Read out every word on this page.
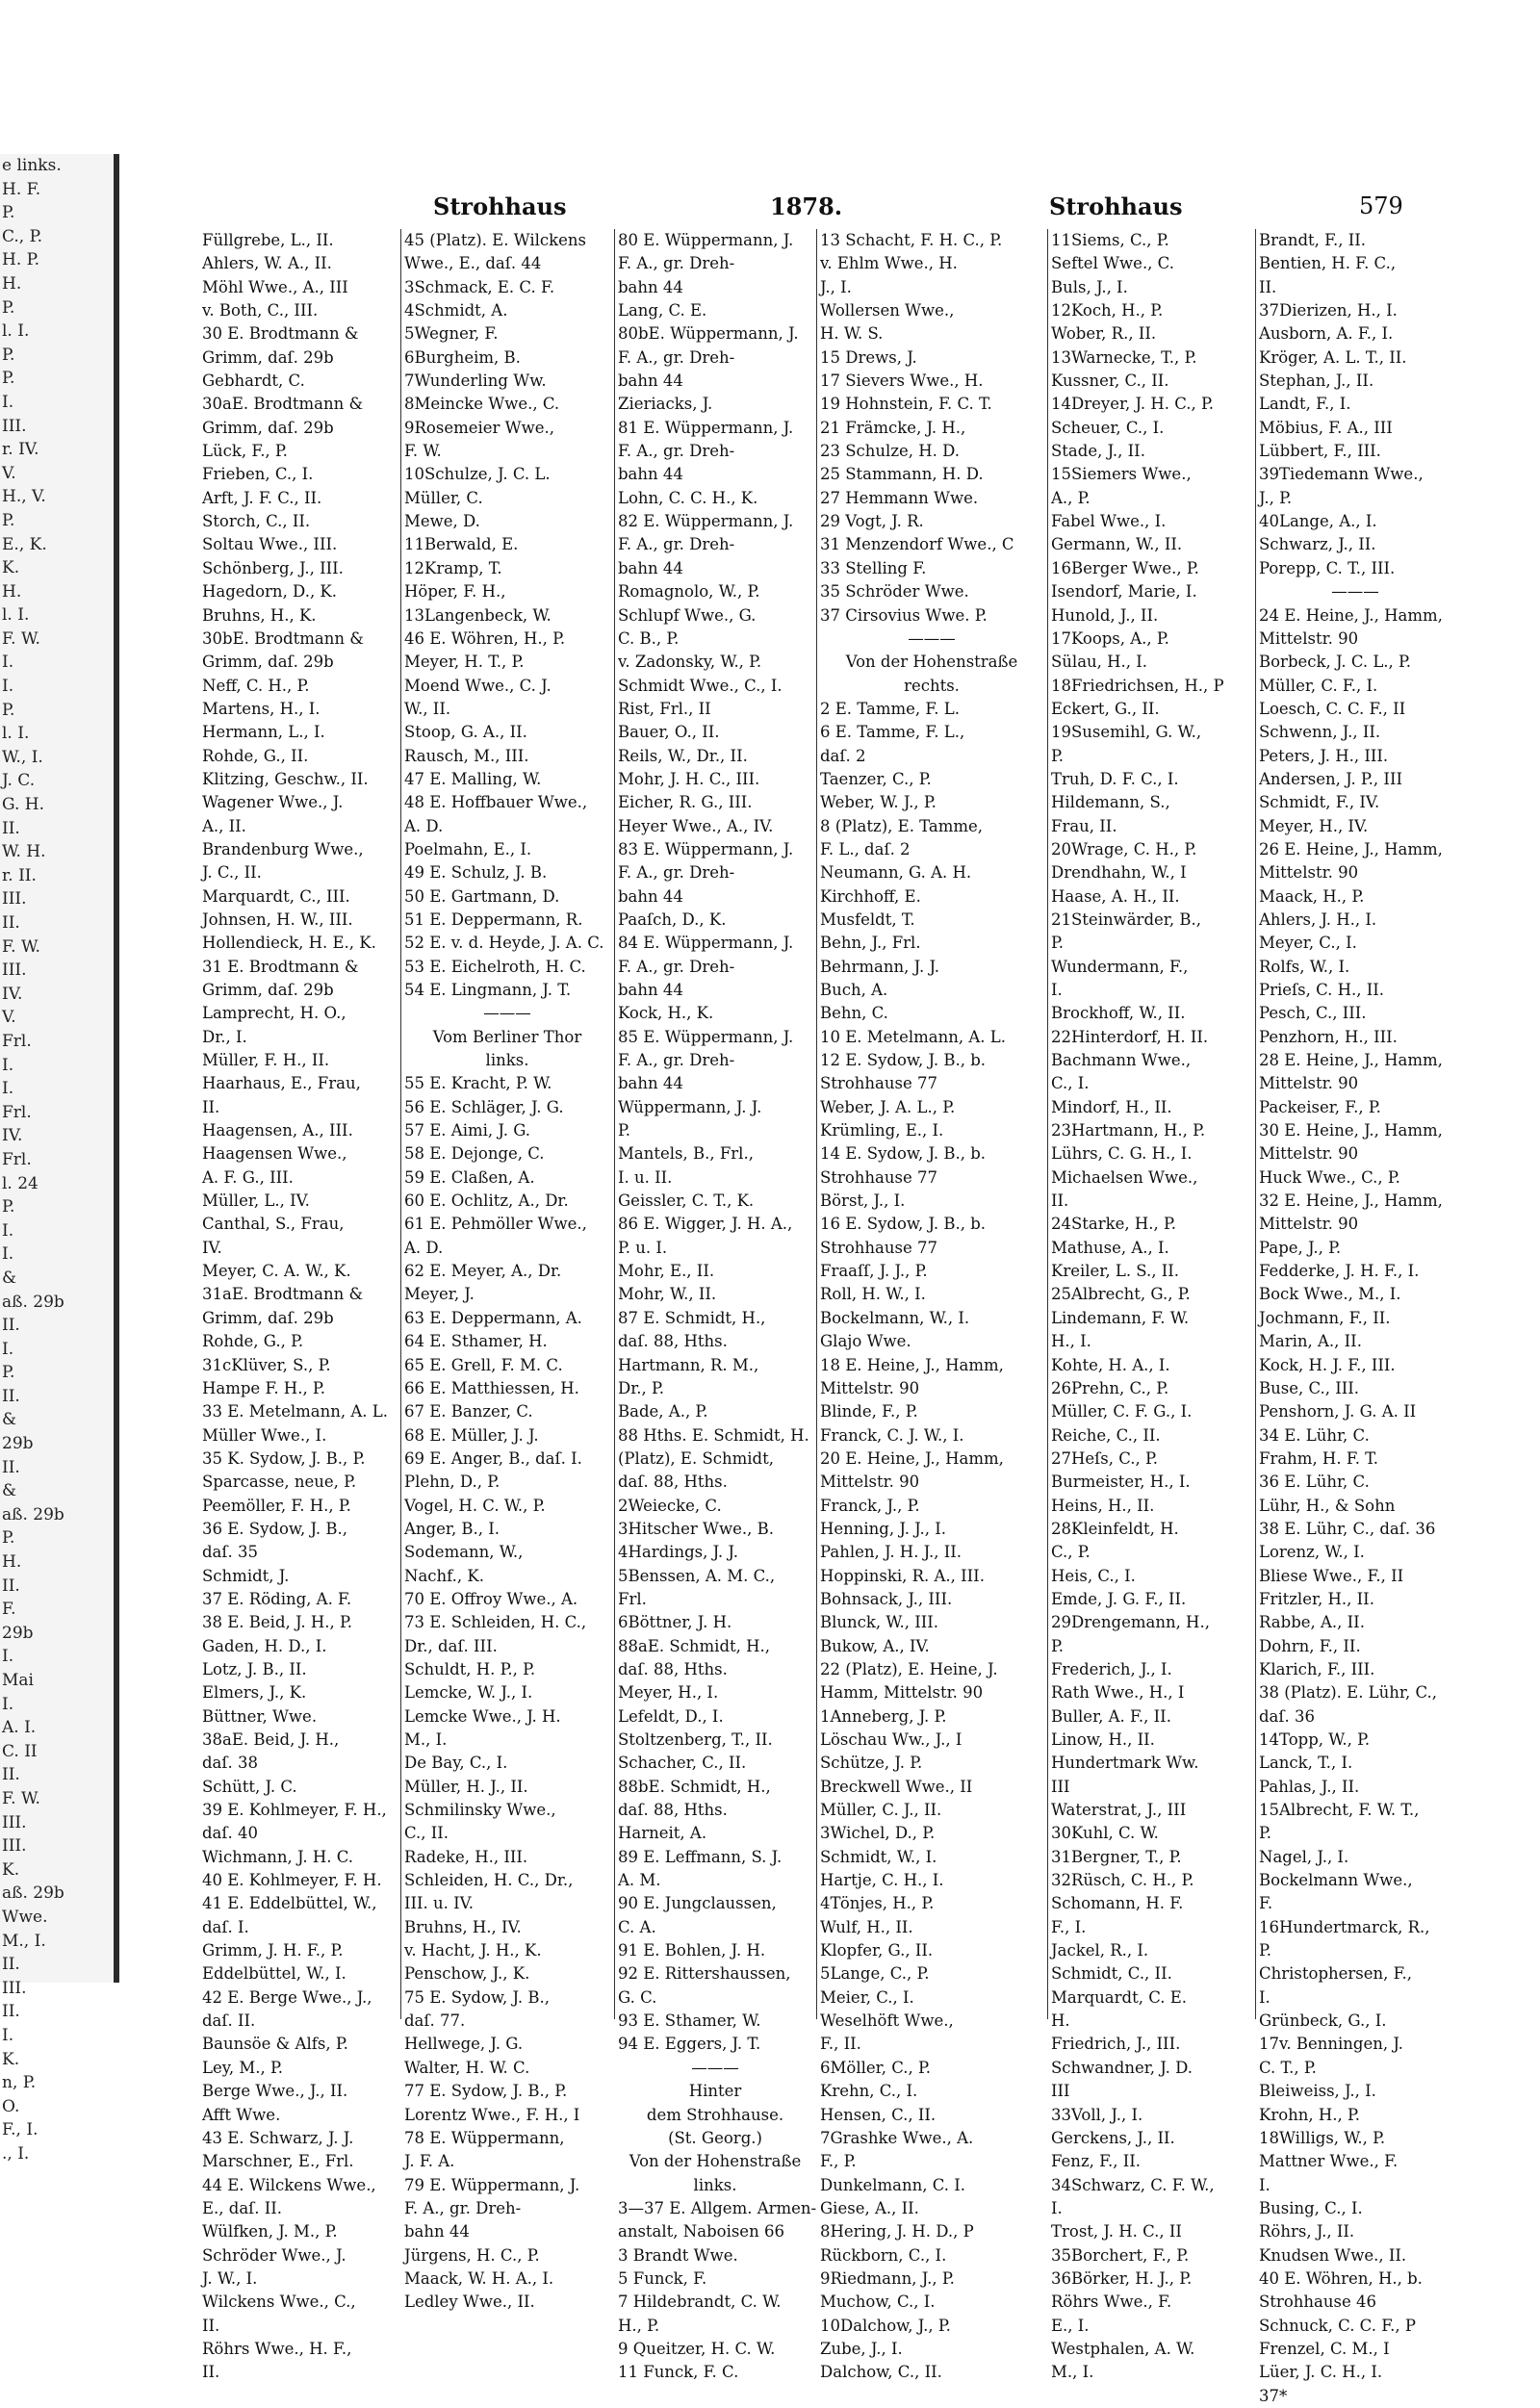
e links.
H. F.
P.
C., P.
H. P.
H.
P.
l. I.
P.
P.
I.
III.
r. IV.
V.
H., V.
P.
E., K.
K.
H.
l. I.
F. W.
I.
I.
P.
l. I.
W., I.
J. C.
G. H.
II.
W. H.
r. II.
III.
II.
F. W.
III.
IV.
V.
Frl.
I.
I.
Frl.
IV.
Frl.
l. 24
P.
I.
I.
&
aß. 29b
II.
I.
P.
II.
&
29b
II.
&
aß. 29b
P.
H.
II.
F.
29b
I.
Mai
I.
A. I.
C. II
II.
F. W.
III.
III.
K.
aß. 29b
Wwe.
M., I.
II.
III.
II.
I.
K.
n, P.
O.
F., I.
., I.
Strohhaus	1878.	Strohhaus	579
Füllgrebe, L., II.
Ahlers, W. A., II.
Möhl Wwe., A., III
v. Both, C., III.
30 E. Brodtmann &
Grimm, daſ. 29b
Gebhardt, C.
30aE. Brodtmann &
Grimm, daſ. 29b
Lück, F., P.
Frieben, C., I.
Arft, J. F. C., II.
Storch, C., II.
Soltau Wwe., III.
Schönberg, J., III.
Hagedorn, D., K.
Bruhns, H., K.
30bE. Brodtmann &
Grimm, daſ. 29b
Neff, C. H., P.
Martens, H., I.
Hermann, L., I.
Rohde, G., II.
Klitzing, Geschw., II.
Wagener Wwe., J.
A., II.
Brandenburg Wwe.,
J. C., II.
Marquardt, C., III.
Johnsen, H. W., III.
Hollendieck, H. E., K.
31 E. Brodtmann &
Grimm, daſ. 29b
Lamprecht, H. O.,
Dr., I.
Müller, F. H., II.
Haarhaus, E., Frau,
II.
Haagensen, A., III.
Haagensen Wwe.,
A. F. G., III.
Müller, L., IV.
Canthal, S., Frau,
IV.
Meyer, C. A. W., K.
31aE. Brodtmann &
Grimm, daſ. 29b
Rohde, G., P.
31cKlüver, S., P.
Hampe F. H., P.
33 E. Metelmann, A. L.
Müller Wwe., I.
35 K. Sydow, J. B., P.
Sparcasse, neue, P.
Peemöller, F. H., P.
36 E. Sydow, J. B.,
daſ. 35
Schmidt, J.
37 E. Röding, A. F.
38 E. Beid, J. H., P.
Gaden, H. D., I.
Lotz, J. B., II.
Elmers, J., K.
Büttner, Wwe.
38aE. Beid, J. H.,
daſ. 38
Schütt, J. C.
39 E. Kohlmeyer, F. H.,
daſ. 40
Wichmann, J. H. C.
40 E. Kohlmeyer, F. H.
41 E. Eddelbüttel, W.,
daſ. I.
Grimm, J. H. F., P.
Eddelbüttel, W., I.
42 E. Berge Wwe., J.,
daſ. II.
Baunsöe & Alfs, P.
Ley, M., P.
Berge Wwe., J., II.
Afft Wwe.
43 E. Schwarz, J. J.
Marschner, E., Frl.
44 E. Wilckens Wwe.,
E., daſ. II.
Wülfken, J. M., P.
Schröder Wwe., J.
J. W., I.
Wilckens Wwe., C.,
II.
Röhrs Wwe., H. F.,
II.
45 (Platz). E. Wilckens
Wwe., E., daſ. 44
3Schmack, E. C. F.
4Schmidt, A.
5Wegner, F.
6Burgheim, B.
7Wunderling Ww.
8Meincke Wwe., C.
9Rosemeier Wwe.,
F. W.
10Schulze, J. C. L.
Müller, C.
Mewe, D.
11Berwald, E.
12Kramp, T.
Höper, F. H.,
13Langenbeck, W.
46 E. Wöhren, H., P.
Meyer, H. T., P.
Moend Wwe., C. J.
W., II.
Stoop, G. A., II.
Rausch, M., III.
47 E. Malling, W.
48 E. Hoffbauer Wwe.,
A. D.
Poelmahn, E., I.
49 E. Schulz, J. B.
50 E. Gartmann, D.
51 E. Deppermann, R.
52 E. v. d. Heyde, J. A. C.
53 E. Eichelroth, H. C.
54 E. Lingmann, J. T.
———
Vom Berliner Thor
links.
55 E. Kracht, P. W.
56 E. Schläger, J. G.
57 E. Aimi, J. G.
58 E. Dejonge, C.
59 E. Claßen, A.
60 E. Ochlitz, A., Dr.
61 E. Pehmöller Wwe.,
A. D.
62 E. Meyer, A., Dr.
Meyer, J.
63 E. Deppermann, A.
64 E. Sthamer, H.
65 E. Grell, F. M. C.
66 E. Matthiessen, H.
67 E. Banzer, C.
68 E. Müller, J. J.
69 E. Anger, B., daſ. I.
Plehn, D., P.
Vogel, H. C. W., P.
Anger, B., I.
Sodemann, W.,
Nachf., K.
70 E. Offroy Wwe., A.
73 E. Schleiden, H. C.,
Dr., daſ. III.
Schuldt, H. P., P.
Lemcke, W. J., I.
Lemcke Wwe., J. H.
M., I.
De Bay, C., I.
Müller, H. J., II.
Schmilinsky Wwe.,
C., II.
Radeke, H., III.
Schleiden, H. C., Dr.,
III. u. IV.
Bruhns, H., IV.
v. Hacht, J. H., K.
Penschow, J., K.
75 E. Sydow, J. B.,
daſ. 77.
Hellwege, J. G.
Walter, H. W. C.
77 E. Sydow, J. B., P.
Lorentz Wwe., F. H., I
78 E. Wüppermann,
J. F. A.
79 E. Wüppermann, J.
F. A., gr. Dreh-
bahn 44
Jürgens, H. C., P.
Maack, W. H. A., I.
Ledley Wwe., II.
80 E. Wüppermann, J.
F. A., gr. Dreh-
bahn 44
Lang, C. E.
80bE. Wüppermann, J.
F. A., gr. Dreh-
bahn 44
Zieriacks, J.
81 E. Wüppermann, J.
F. A., gr. Dreh-
bahn 44
Lohn, C. C. H., K.
82 E. Wüppermann, J.
F. A., gr. Dreh-
bahn 44
Romagnolo, W., P.
Schlupf Wwe., G.
C. B., P.
v. Zadonsky, W., P.
Schmidt Wwe., C., I.
Rist, Frl., II
Bauer, O., II.
Reils, W., Dr., II.
Mohr, J. H. C., III.
Eicher, R. G., III.
Heyer Wwe., A., IV.
83 E. Wüppermann, J.
F. A., gr. Dreh-
bahn 44
Paaſch, D., K.
84 E. Wüppermann, J.
F. A., gr. Dreh-
bahn 44
Kock, H., K.
85 E. Wüppermann, J.
F. A., gr. Dreh-
bahn 44
Wüppermann, J. J.
P.
Mantels, B., Frl.,
I. u. II.
Geissler, C. T., K.
86 E. Wigger, J. H. A.,
P. u. I.
Mohr, E., II.
Mohr, W., II.
87 E. Schmidt, H.,
daſ. 88, Hths.
Hartmann, R. M.,
Dr., P.
Bade, A., P.
88 Hths. E. Schmidt, H.
(Platz), E. Schmidt,
daſ. 88, Hths.
2Weiecke, C.
3Hitscher Wwe., B.
4Hardings, J. J.
5Benssen, A. M. C.,
Frl.
6Böttner, J. H.
88aE. Schmidt, H.,
daſ. 88, Hths.
Meyer, H., I.
Lefeldt, D., I.
Stoltzenberg, T., II.
Schacher, C., II.
88bE. Schmidt, H.,
daſ. 88, Hths.
Harneit, A.
89 E. Leffmann, S. J.
A. M.
90 E. Jungclaussen,
C. A.
91 E. Bohlen, J. H.
92 E. Rittershaussen,
G. C.
93 E. Sthamer, W.
94 E. Eggers, J. T.
———
Hinter
dem Strohhause.
(St. Georg.)
Von der Hohenstraße
links.
3—37 E. Allgem. Armen-
anstalt, Naboisen 66
3 Brandt Wwe.
5 Funck, F.
7 Hildebrandt, C. W.
H., P.
9 Queitzer, H. C. W.
11 Funck, F. C.
13 Schacht, F. H. C., P.
v. Ehlm Wwe., H.
J., I.
Wollersen Wwe.,
H. W. S.
15 Drews, J.
17 Sievers Wwe., H.
19 Hohnstein, F. C. T.
21 Främcke, J. H.,
23 Schulze, H. D.
25 Stammann, H. D.
27 Hemmann Wwe.
29 Vogt, J. R.
31 Menzendorf Wwe., C
33 Stelling F.
35 Schröder Wwe.
37 Cirsovius Wwe. P.
———
Von der Hohenstraße
rechts.
2 E. Tamme, F. L.
6 E. Tamme, F. L.,
daſ. 2
Taenzer, C., P.
Weber, W. J., P.
8 (Platz), E. Tamme,
F. L., daſ. 2
Neumann, G. A. H.
Kirchhoff, E.
Musfeldt, T.
Behn, J., Frl.
Behrmann, J. J.
Buch, A.
Behn, C.
10 E. Metelmann, A. L.
12 E. Sydow, J. B., b.
Strohhause 77
Weber, J. A. L., P.
Krümling, E., I.
14 E. Sydow, J. B., b.
Strohhause 77
Börst, J., I.
16 E. Sydow, J. B., b.
Strohhause 77
Fraaſſ, J. J., P.
Roll, H. W., I.
Bockelmann, W., I.
Glajo Wwe.
18 E. Heine, J., Hamm,
Mittelstr. 90
Blinde, F., P.
Franck, C. J. W., I.
20 E. Heine, J., Hamm,
Mittelstr. 90
Franck, J., P.
Henning, J. J., I.
Pahlen, J. H. J., II.
Hoppinski, R. A., III.
Bohnsack, J., III.
Blunck, W., III.
Bukow, A., IV.
22 (Platz), E. Heine, J.
Hamm, Mittelstr. 90
1Anneberg, J. P.
Löschau Ww., J., I
Schütze, J. P.
Breckwell Wwe., II
Müller, C. J., II.
3Wichel, D., P.
Schmidt, W., I.
Hartje, C. H., I.
4Tönjes, H., P.
Wulf, H., II.
Klopfer, G., II.
5Lange, C., P.
Meier, C., I.
Weselhöft Wwe.,
F., II.
6Möller, C., P.
Krehn, C., I.
Hensen, C., II.
7Grashke Wwe., A.
F., P.
Dunkelmann, C. I.
Giese, A., II.
8Hering, J. H. D., P
Rückborn, C., I.
9Riedmann, J., P.
Muchow, C., I.
10Dalchow, J., P.
Zube, J., I.
Dalchow, C., II.
11Siems, C., P.
Seftel Wwe., C.
Buls, J., I.
12Koch, H., P.
Wober, R., II.
13Warnecke, T., P.
Kussner, C., II.
14Dreyer, J. H. C., P.
Scheuer, C., I.
Stade, J., II.
15Siemers Wwe.,
A., P.
Fabel Wwe., I.
Germann, W., II.
16Berger Wwe., P.
Isendorf, Marie, I.
Hunold, J., II.
17Koops, A., P.
Sülau, H., I.
18Friedrichsen, H., P
Eckert, G., II.
19Susemihl, G. W.,
P.
Truh, D. F. C., I.
Hildemann, S.,
Frau, II.
20Wrage, C. H., P.
Drendhahn, W., I
Haase, A. H., II.
21Steinwärder, B.,
P.
Wundermann, F.,
I.
Brockhoff, W., II.
22Hinterdorf, H. II.
Bachmann Wwe.,
C., I.
Mindorf, H., II.
23Hartmann, H., P.
Lührs, C. G. H., I.
Michaelsen Wwe.,
II.
24Starke, H., P.
Mathuse, A., I.
Kreiler, L. S., II.
25Albrecht, G., P.
Lindemann, F. W.
H., I.
Kohte, H. A., I.
26Prehn, C., P.
Müller, C. F. G., I.
Reiche, C., II.
27Heſs, C., P.
Burmeister, H., I.
Heins, H., II.
28Kleinfeldt, H.
C., P.
Heis, C., I.
Emde, J. G. F., II.
29Drengemann, H.,
P.
Frederich, J., I.
Rath Wwe., H., I
Buller, A. F., II.
Linow, H., II.
Hundertmark Ww.
III
Waterstrat, J., III
30Kuhl, C. W.
31Bergner, T., P.
32Rüsch, C. H., P.
Schomann, H. F.
F., I.
Jackel, R., I.
Schmidt, C., II.
Marquardt, C. E.
H.
Friedrich, J., III.
Schwandner, J. D.
III
33Voll, J., I.
Gerckens, J., II.
Fenz, F., II.
34Schwarz, C. F. W.,
I.
Trost, J. H. C., II
35Borchert, F., P.
36Börker, H. J., P.
Röhrs Wwe., F.
E., I.
Westphalen, A. W.
M., I.
Brandt, F., II.
Bentien, H. F. C.,
II.
37Dierizen, H., I.
Ausborn, A. F., I.
Kröger, A. L. T., II.
Stephan, J., II.
Landt, F., I.
Möbius, F. A., III
Lübbert, F., III.
39Tiedemann Wwe.,
J., P.
40Lange, A., I.
Schwarz, J., II.
Porepp, C. T., III.
———
24 E. Heine, J., Hamm,
Mittelstr. 90
Borbeck, J. C. L., P.
Müller, C. F., I.
Loesch, C. C. F., II
Schwenn, J., II.
Peters, J. H., III.
Andersen, J. P., III
Schmidt, F., IV.
Meyer, H., IV.
26 E. Heine, J., Hamm,
Mittelstr. 90
Maack, H., P.
Ahlers, J. H., I.
Meyer, C., I.
Rolfs, W., I.
Prieſs, C. H., II.
Pesch, C., III.
Penzhorn, H., III.
28 E. Heine, J., Hamm,
Mittelstr. 90
Packeiser, F., P.
30 E. Heine, J., Hamm,
Mittelstr. 90
Huck Wwe., C., P.
32 E. Heine, J., Hamm,
Mittelstr. 90
Pape, J., P.
Fedderke, J. H. F., I.
Bock Wwe., M., I.
Jochmann, F., II.
Marin, A., II.
Kock, H. J. F., III.
Buse, C., III.
Penshorn, J. G. A. II
34 E. Lühr, C.
Frahm, H. F. T.
36 E. Lühr, C.
Lühr, H., & Sohn
38 E. Lühr, C., daſ. 36
Lorenz, W., I.
Bliese Wwe., F., II
Fritzler, H., II.
Rabbe, A., II.
Dohrn, F., II.
Klarich, F., III.
38 (Platz). E. Lühr, C.,
daſ. 36
14Topp, W., P.
Lanck, T., I.
Pahlas, J., II.
15Albrecht, F. W. T.,
P.
Nagel, J., I.
Bockelmann Wwe.,
F.
16Hundertmarck, R.,
P.
Christophersen, F.,
I.
Grünbeck, G., I.
17v. Benningen, J.
C. T., P.
Bleiweiss, J., I.
Krohn, H., P.
18Willigs, W., P.
Mattner Wwe., F.
I.
Busing, C., I.
Röhrs, J., II.
Knudsen Wwe., II.
40 E. Wöhren, H., b.
Strohhause 46
Schnuck, C. C. F., P
Frenzel, C. M., I
Lüer, J. C. H., I.
37*
